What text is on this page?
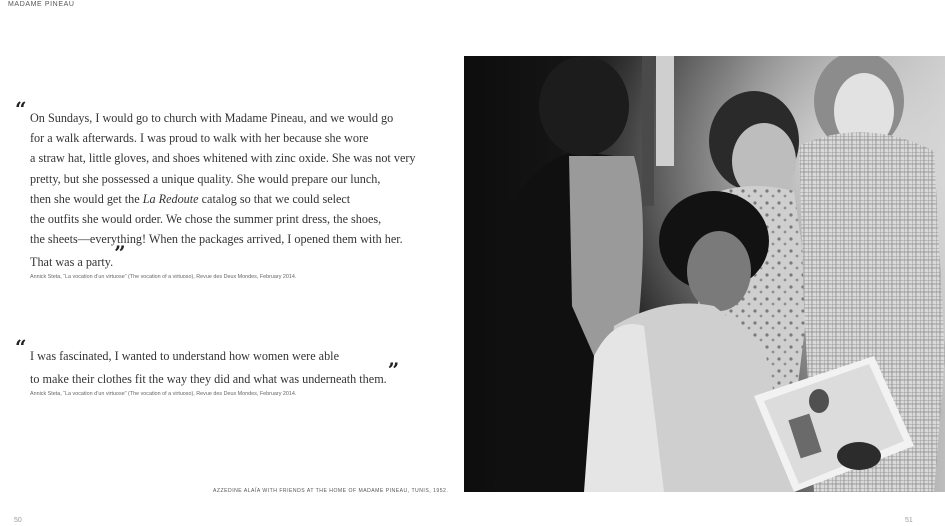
MADAME PINEAU
“ On Sundays, I would go to church with Madame Pineau, and we would go
for a walk afterwards. I was proud to walk with her because she wore
a straw hat, little gloves, and shoes whitened with zinc oxide. She was not very
pretty, but she possessed a unique quality. She would prepare our lunch,
then she would get the La Redoute catalog so that we could select
the outfits she would order. We chose the summer print dress, the shoes,
the sheets—everything! When the packages arrived, I opened them with her.
That was a party.”
Annick Steta, “La vocation d’un virtuose” (The vocation of a virtuoso), Revue des Deux Mondes, February 2014.
“ I was fascinated, I wanted to understand how women were able
to make their clothes fit the way they did and what was underneath them.”
Annick Steta, “La vocation d’un virtuose” (The vocation of a virtuoso), Revue des Deux Mondes, February 2014.
AZZEDINE ALAÏA WITH FRIENDS AT THE HOME OF MADAME PINEAU, TUNIS, 1952.
50	51
